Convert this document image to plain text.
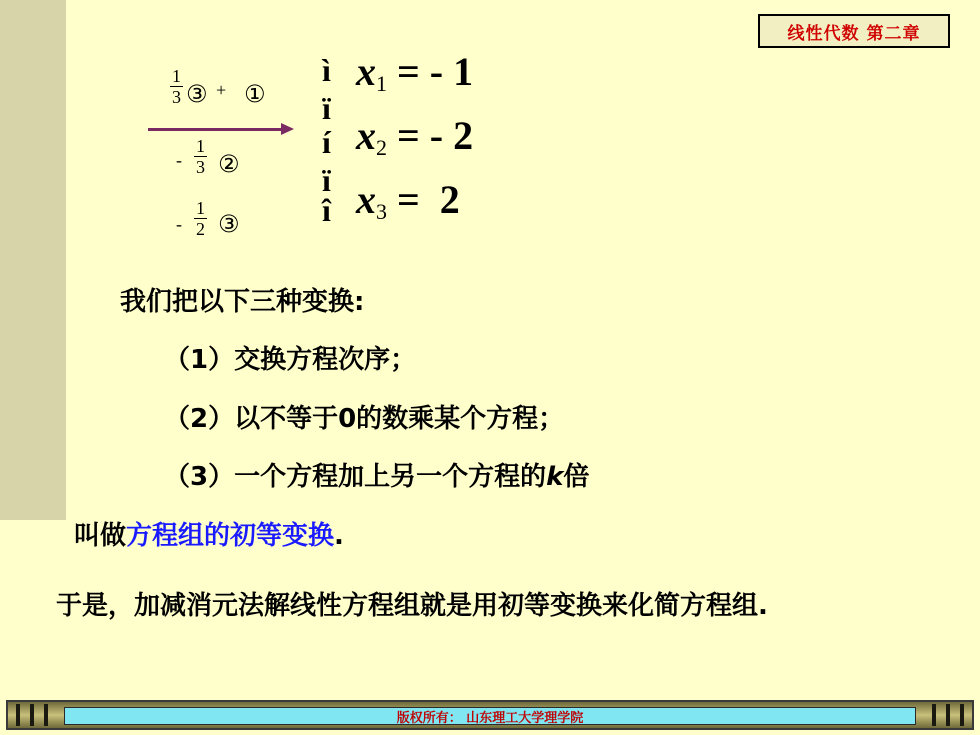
线性代数 第二章
$\frac{1}{3}$ ③ + ①
- $\frac{1}{3}$ ②
- $\frac{1}{2}$ ③
ì
ï
í
ï
î
$x_1$ = - 1
$x_2$ = - 2
$x_3 = 2$
我们把以下三种变换:
（1）交换方程次序；
（2）以不等于0的数乘某个方程；
（3）一个方程加上另一个方程的k倍
叫做方程组的初等变换.
于是，加减消元法解线性方程组就是用初等变换来化简方程组.
版权所有： 山东理工大学理学院
